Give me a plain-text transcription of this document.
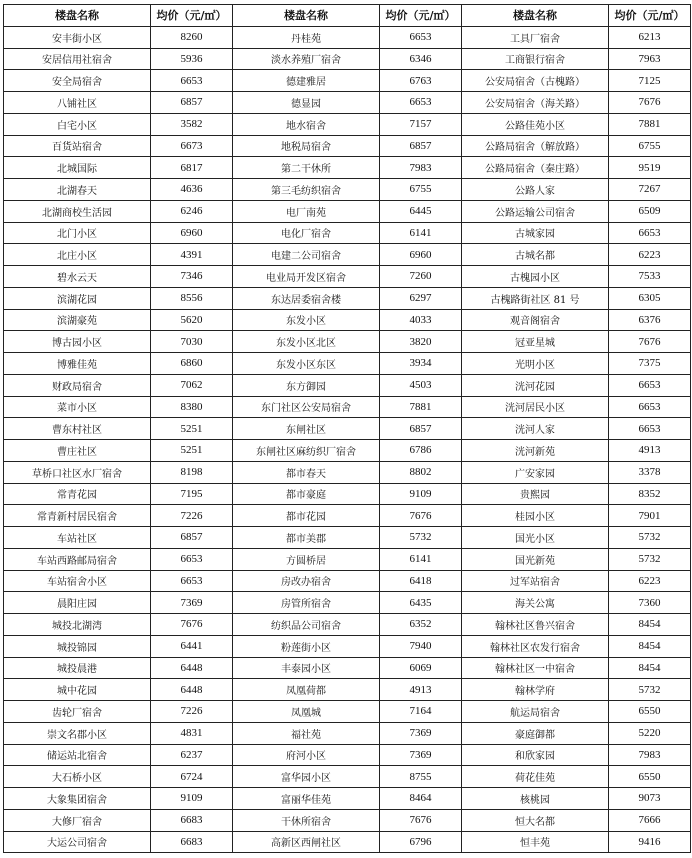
楼盘名称	均价（元/㎡）	楼盘名称	均价（元/㎡）	楼盘名称	均价（元/㎡）
安丰街小区	8260	丹桂苑	6653	工具厂宿舍	6213
安居信用社宿舍	5936	淡水养殖厂宿舍	6346	工商银行宿舍	7963
安全局宿舍	6653	德建雅居	6763	公安局宿舍（古槐路）	7125
八铺社区	6857	德显园	6653	公安局宿舍（海关路）	7676
白宅小区	3582	地水宿舍	7157	公路佳苑小区	7881
百货站宿舍	6673	地税局宿舍	6857	公路局宿舍（解放路）	6755
北城国际	6817	第二干休所	7983	公路局宿舍（秦庄路）	9519
北湖春天	4636	第三毛纺织宿舍	6755	公路人家	7267
北湖商校生活园	6246	电厂南苑	6445	公路运输公司宿舍	6509
北门小区	6960	电化厂宿舍	6141	古城家园	6653
北庄小区	4391	电建二公司宿舍	6960	古城名都	6223
碧水云天	7346	电业局开发区宿舍	7260	古槐园小区	7533
滨湖花园	8556	东达居委宿舍楼	6297	古槐路街社区 81 号	6305
滨湖豪苑	5620	东发小区	4033	观音阁宿舍	6376
博古园小区	7030	东发小区北区	3820	冠亚星城	7676
博雅佳苑	6860	东发小区东区	3934	光明小区	7375
财政局宿舍	7062	东方御园	4503	洸河花园	6653
菜市小区	8380	东门社区公安局宿舍	7881	洸河居民小区	6653
曹东村社区	5251	东闸社区	6857	洸河人家	6653
曹庄社区	5251	东闸社区麻纺织厂宿舍	6786	洸河新苑	4913
草桥口社区水厂宿舍	8198	都市春天	8802	广安家园	3378
常青花园	7195	都市豪庭	9109	贵熙园	8352
常青新村居民宿舍	7226	都市花园	7676	桂园小区	7901
车站社区	6857	都市美郡	5732	国光小区	5732
车站西路邮局宿舍	6653	方圆桥居	6141	国光新苑	5732
车站宿舍小区	6653	房改办宿舍	6418	过军站宿舍	6223
晨阳庄园	7369	房管所宿舍	6435	海关公寓	7360
城投北湖湾	7676	纺织品公司宿舍	6352	翰林社区鲁兴宿舍	8454
城投锦园	6441	粉莲街小区	7940	翰林社区农发行宿舍	8454
城投晨港	6448	丰泰园小区	6069	翰林社区一中宿舍	8454
城中花园	6448	凤凰荷都	4913	翰林学府	5732
齿轮厂宿舍	7226	凤凰城	7164	航运局宿舍	6550
崇文名郡小区	4831	福社苑	7369	豪庭御都	5220
储运站北宿舍	6237	府河小区	7369	和欣家园	7983
大石桥小区	6724	富华园小区	8755	荷花佳苑	6550
大象集团宿舍	9109	富丽华佳苑	8464	核桃园	9073
大修厂宿舍	6683	干休所宿舍	7676	恒大名都	7666
大运公司宿舍	6683	高新区西闸社区	6796	恒丰苑	9416
